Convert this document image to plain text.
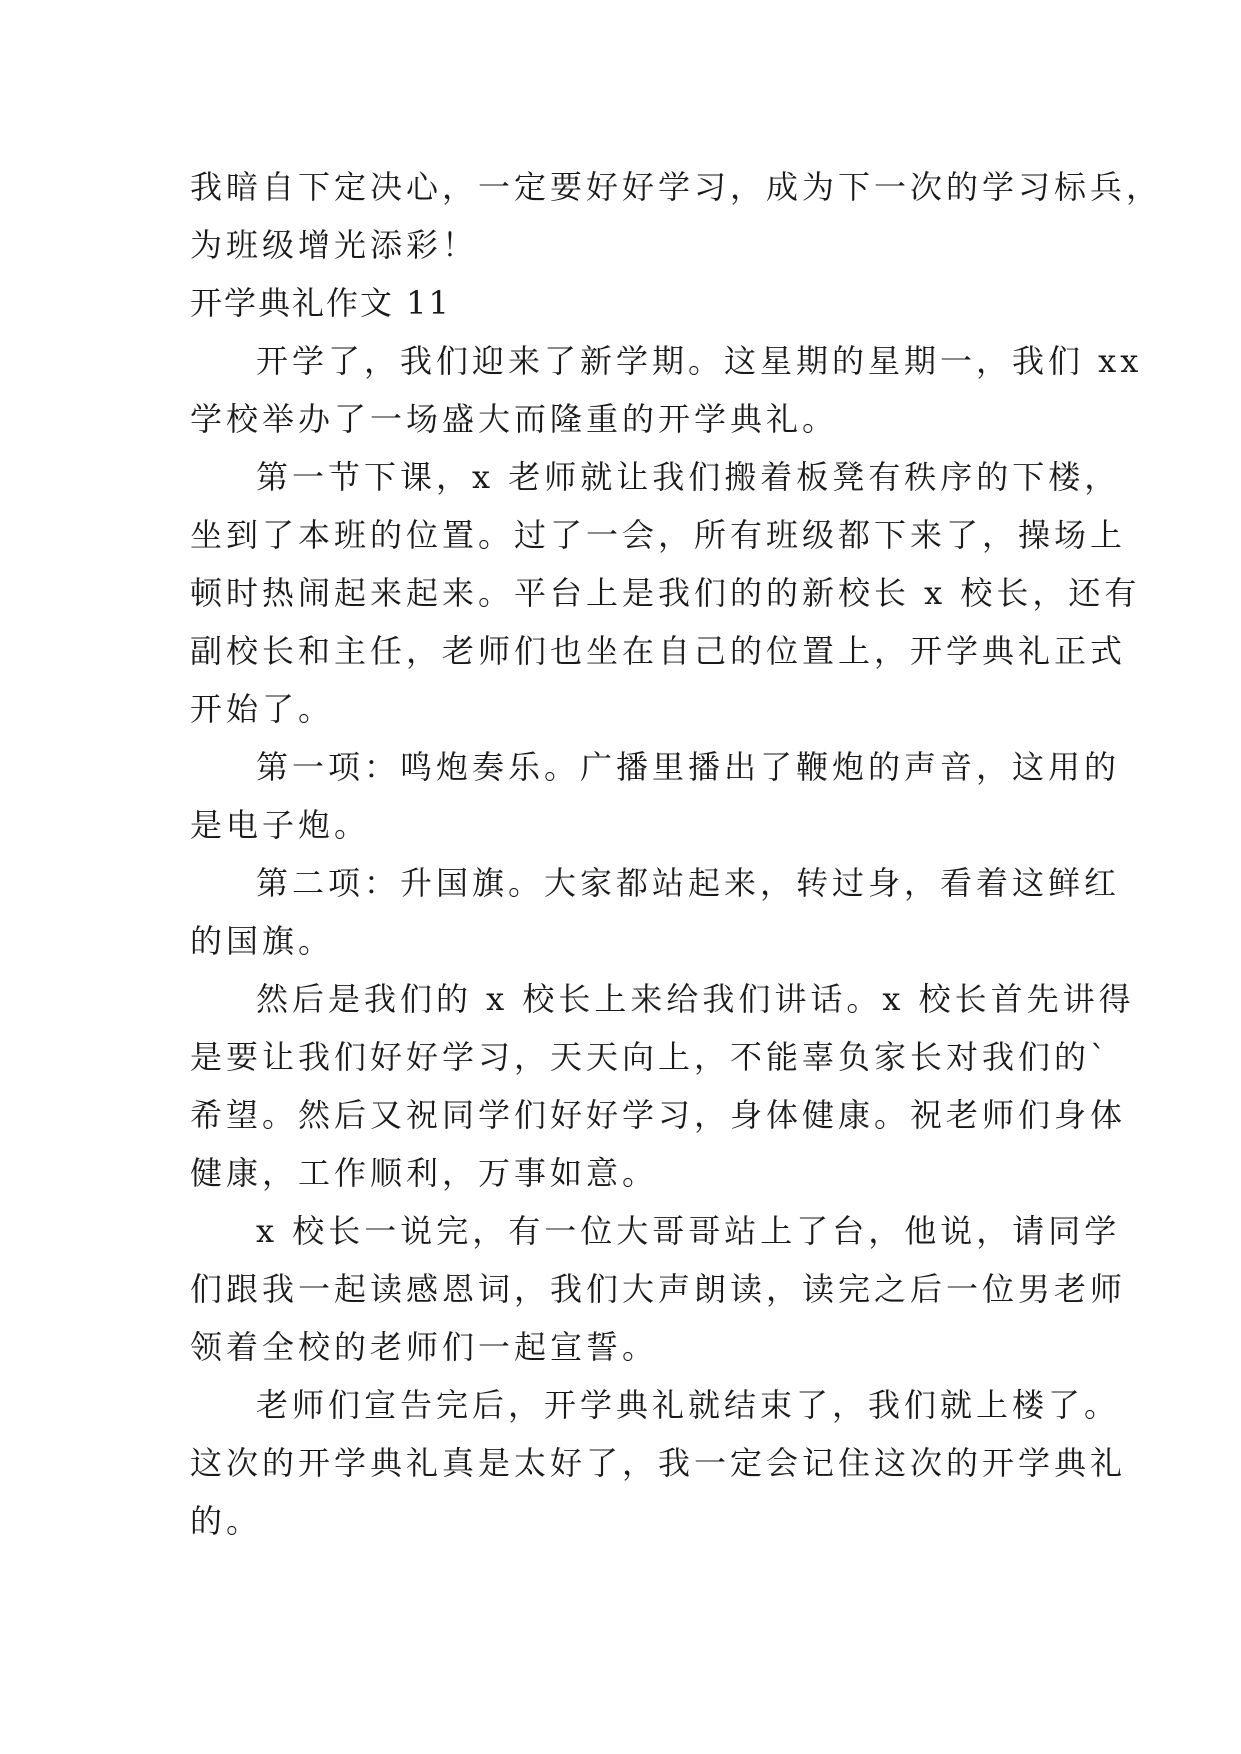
我暗自下定决心，一定要好好学习，成为下一次的学习标兵，
为班级增光添彩！
开学典礼作文 11
开学了，我们迎来了新学期。这星期的星期一，我们 xx
学校举办了一场盛大而隆重的开学典礼。
第一节下课，x 老师就让我们搬着板凳有秩序的下楼，
坐到了本班的位置。过了一会，所有班级都下来了，操场上
顿时热闹起来起来。平台上是我们的的新校长 x 校长，还有
副校长和主任，老师们也坐在自己的位置上，开学典礼正式
开始了。
第一项：鸣炮奏乐。广播里播出了鞭炮的声音，这用的
是电子炮。
第二项：升国旗。大家都站起来，转过身，看着这鲜红
的国旗。
然后是我们的 x 校长上来给我们讲话。x 校长首先讲得
是要让我们好好学习，天天向上，不能辜负家长对我们的`
希望。然后又祝同学们好好学习，身体健康。祝老师们身体
健康，工作顺利，万事如意。
x 校长一说完，有一位大哥哥站上了台，他说，请同学
们跟我一起读感恩词，我们大声朗读，读完之后一位男老师
领着全校的老师们一起宣誓。
老师们宣告完后，开学典礼就结束了，我们就上楼了。
这次的开学典礼真是太好了，我一定会记住这次的开学典礼
的。
